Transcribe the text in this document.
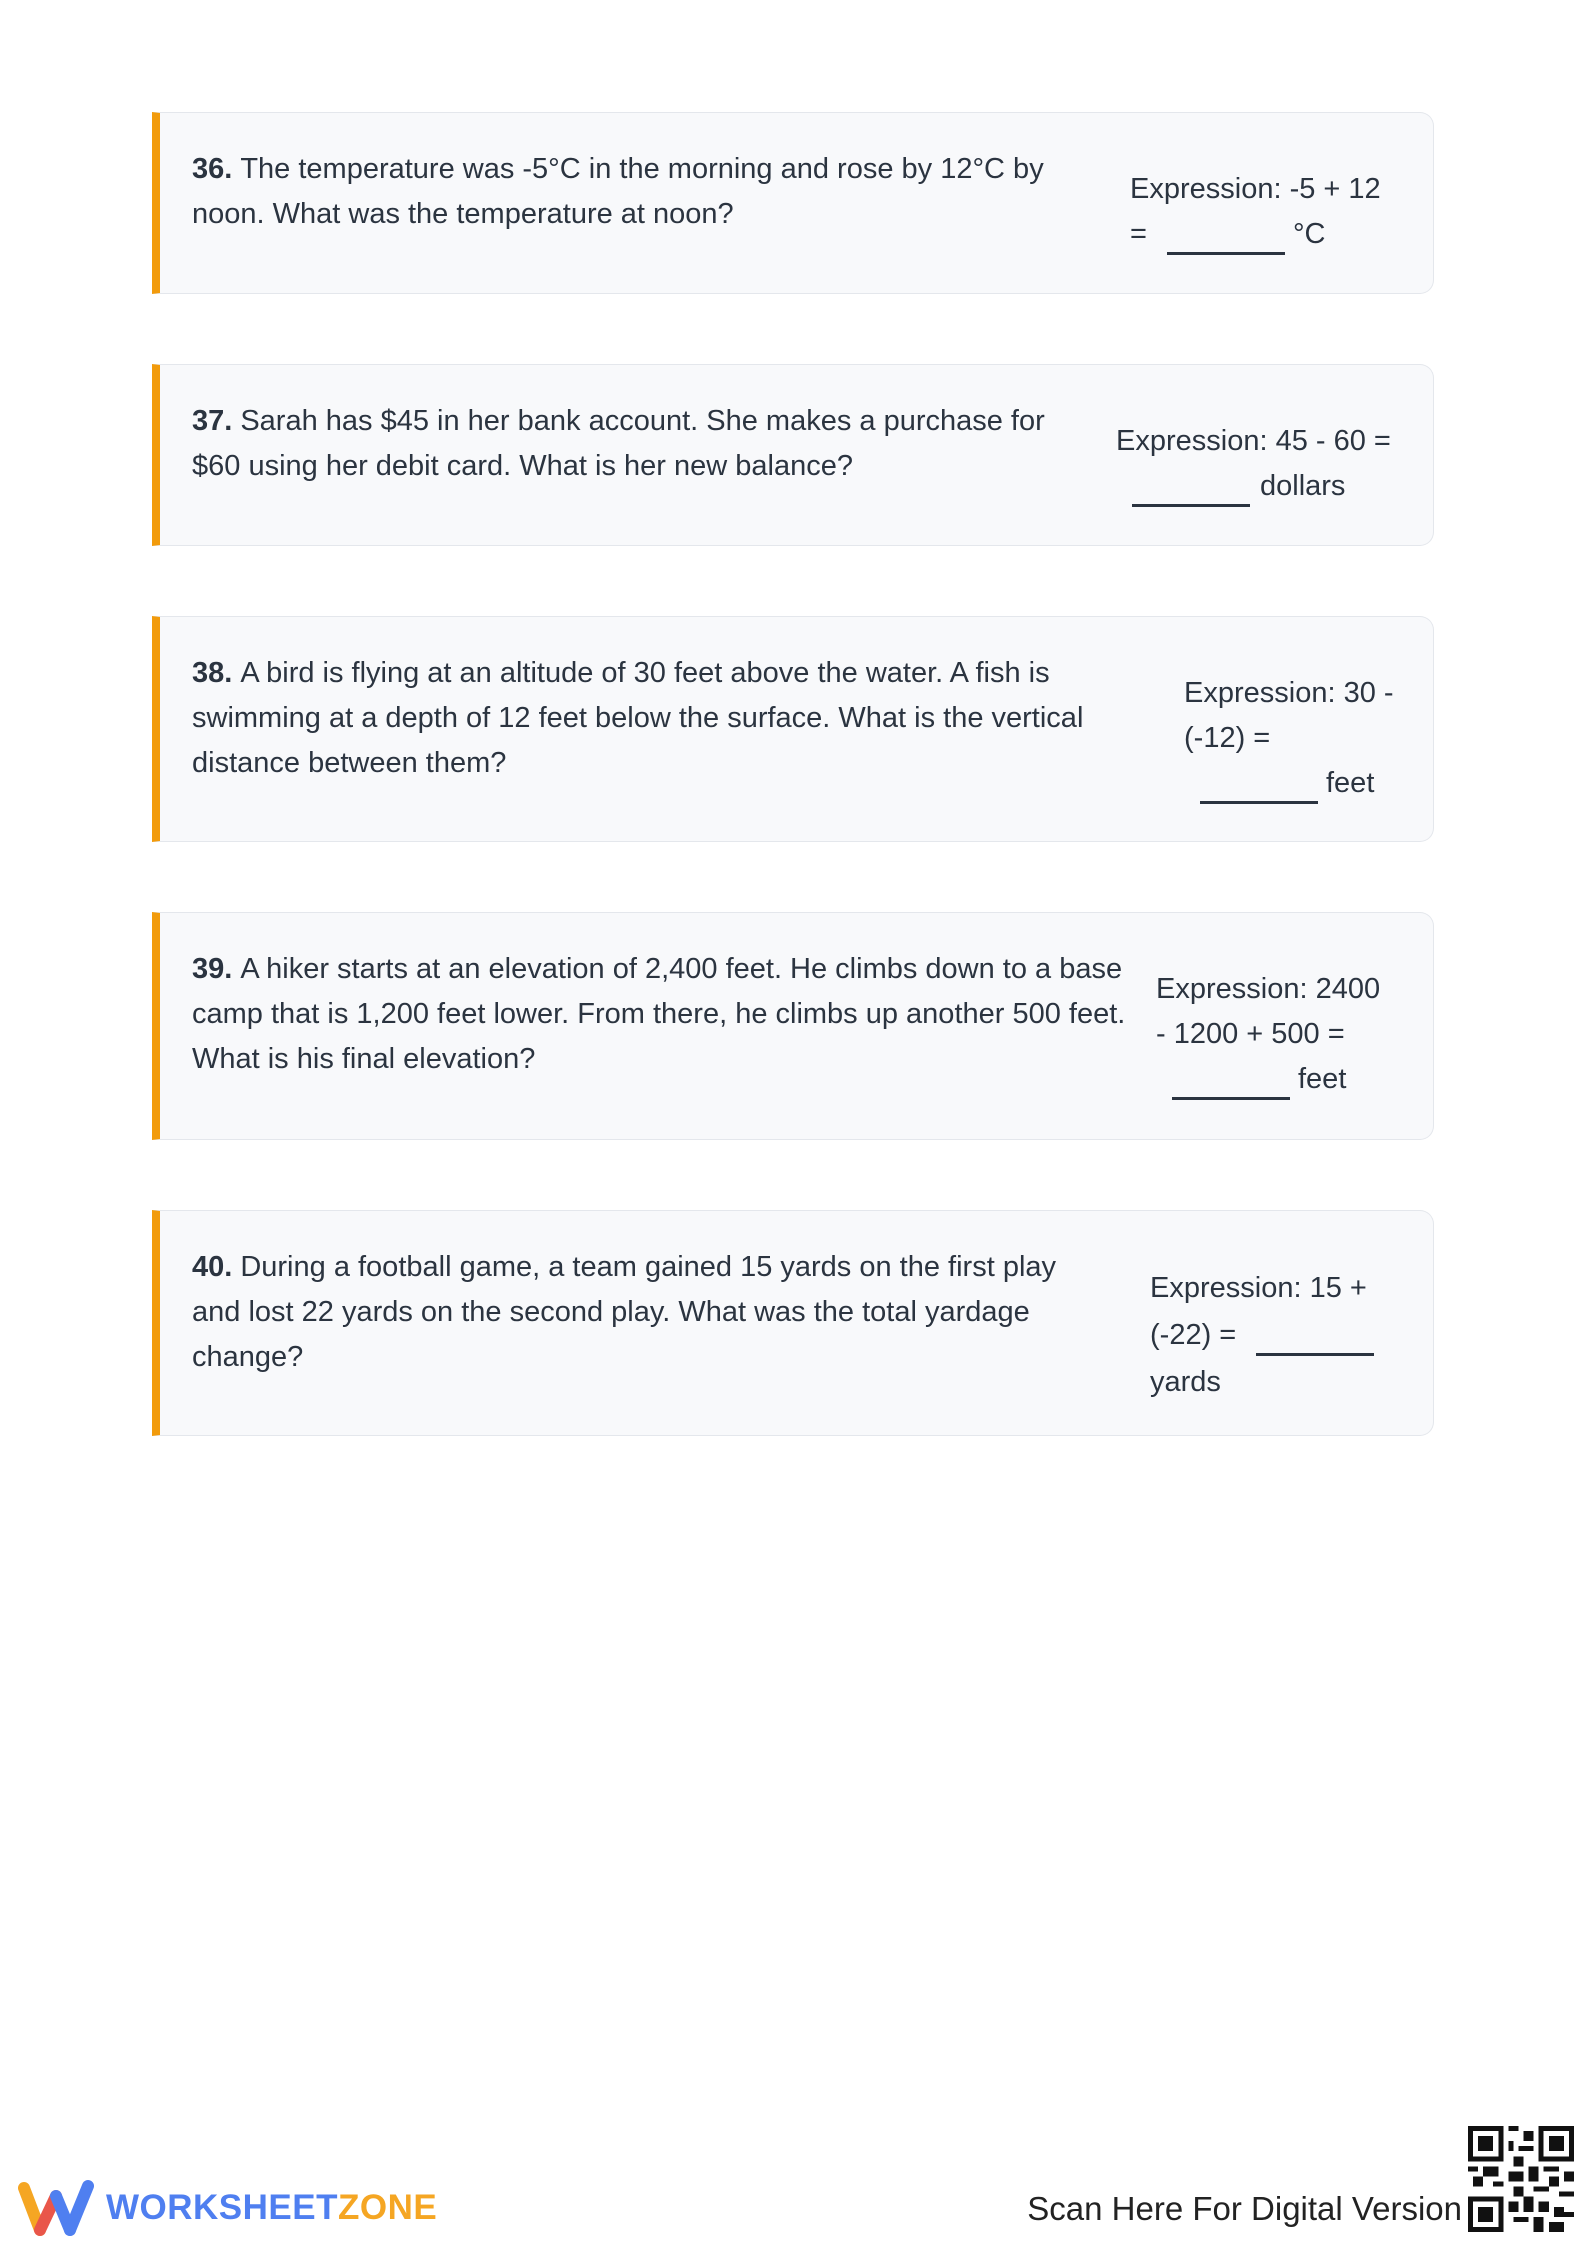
36. The temperature was -5°C in the morning and rose by 12°C by noon. What was the temperature at noon?
Expression: -5 + 12
=	°C
37. Sarah has $45 in her bank account. She makes a purchase for $60 using her debit card. What is her new balance?
Expression: 45 - 60 =
dollars
38. A bird is flying at an altitude of 30 feet above the water. A fish is swimming at a depth of 12 feet below the surface. What is the vertical distance between them?
Expression: 30 -
(-12) =
feet
39. A hiker starts at an elevation of 2,400 feet. He climbs down to a base camp that is 1,200 feet lower. From there, he climbs up another 500 feet. What is his final elevation?
Expression: 2400
- 1200 + 500 =
feet
40. During a football game, a team gained 15 yards on the first play and lost 22 yards on the second play. What was the total yardage change?
Expression: 15 +
(-22) =
yards
WORKSHEETZONE	Scan Here For Digital Version
